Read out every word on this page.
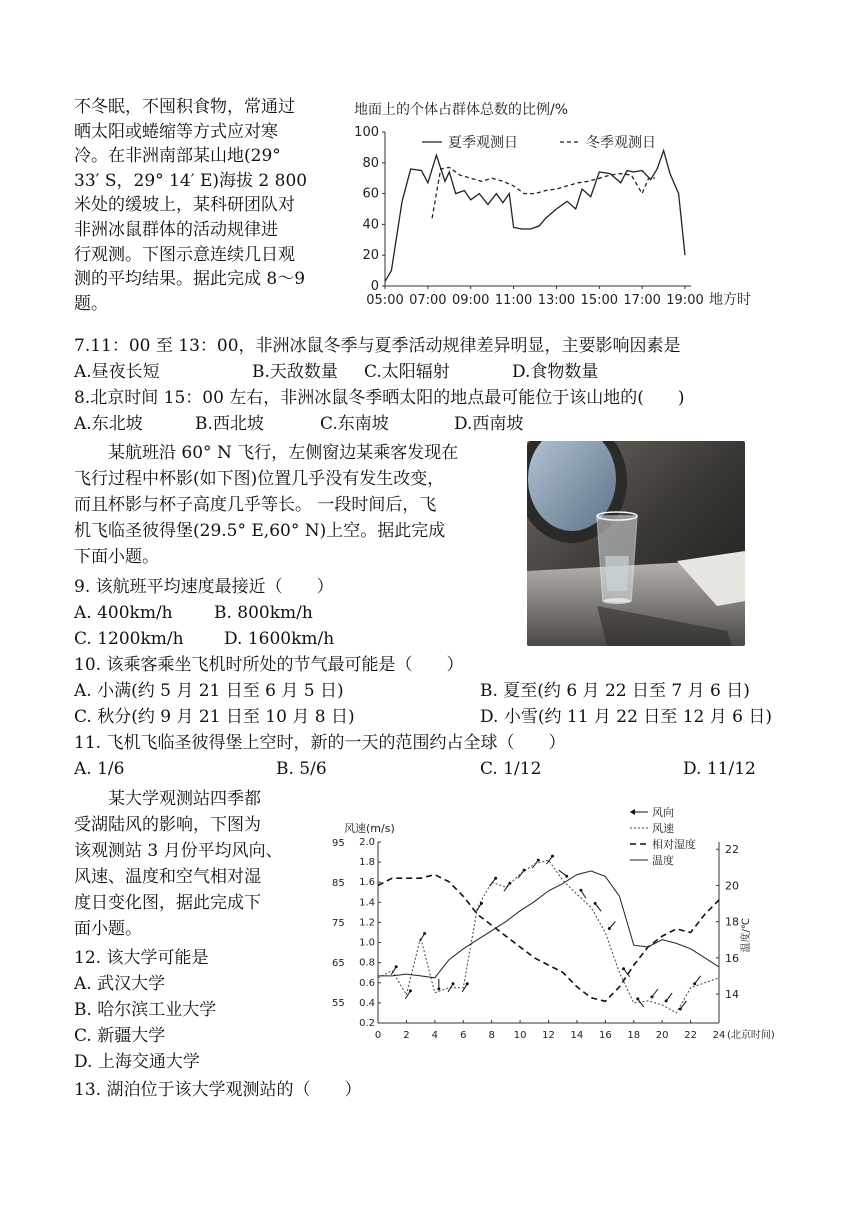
不冬眠，不囤积食物，常通过
晒太阳或蜷缩等方式应对寒
冷。在非洲南部某山地(29°
33′ S，29° 14′ E)海拔 2 800
米处的缓坡上，某科研团队对
非洲冰鼠群体的活动规律进
行观测。下图示意连续几日观
测的平均结果。据此完成 8～9
题。
地面上的个体占群体总数的比例/%
0
20
40
60
80
100
05:00 07:00 09:00 11:00 13:00 15:00 17:00 19:00 地方时
夏季观测日	冬季观测日
7.11：00 至 13：00，非洲冰鼠冬季与夏季活动规律差异明显，主要影响因素是
A.昼夜长短	B.天敌数量 C.太阳辐射	D.食物数量
8.北京时间 15：00 左右，非洲冰鼠冬季晒太阳的地点最可能位于该山地的(　　)
A.东北坡	B.西北坡	C.东南坡	D.西南坡
　　某航班沿 60° N 飞行，左侧窗边某乘客发现在
飞行过程中杯影(如下图)位置几乎没有发生改变，
而且杯影与杯子高度几乎等长。 一段时间后，飞
机飞临圣彼得堡(29.5° E,60° N)上空。据此完成
下面小题。
9. 该航班平均速度最接近（　　）
A. 400km/h B. 800km/h
C. 1200km/h D. 1600km/h
10. 该乘客乘坐飞机时所处的节气最可能是（　　）
A. 小满(约 5 月 21 日至 6 月 5 日)	B. 夏至(约 6 月 22 日至 7 月 6 日)
C. 秋分(约 9 月 21 日至 10 月 8 日)	D. 小雪(约 11 月 22 日至 12 月 6 日)
11. 飞机飞临圣彼得堡上空时，新的一天的范围约占全球（　　）
A. 1/6	B. 5/6	C. 1/12	D. 11/12
　　某大学观测站四季都
受湖陆风的影响，下图为
该观测站 3 月份平均风向、
风速、温度和空气相对湿
度日变化图，据此完成下
面小题。
12. 该大学可能是
A. 武汉大学
B. 哈尔滨工业大学
C. 新疆大学
D. 上海交通大学
13. 湖泊位于该大学观测站的（　　）
风速(m/s)
0.2
0.4
0.6
0.8
1.0
1.2
1.4
1.6
1.8
2.0
55
65
75
85
95
14
16
18
20
22
温度/℃
0 2 4 6 8 10 12 14 16 18 20 22 24 (北京时间)
风向
风速
相对湿度
温度
